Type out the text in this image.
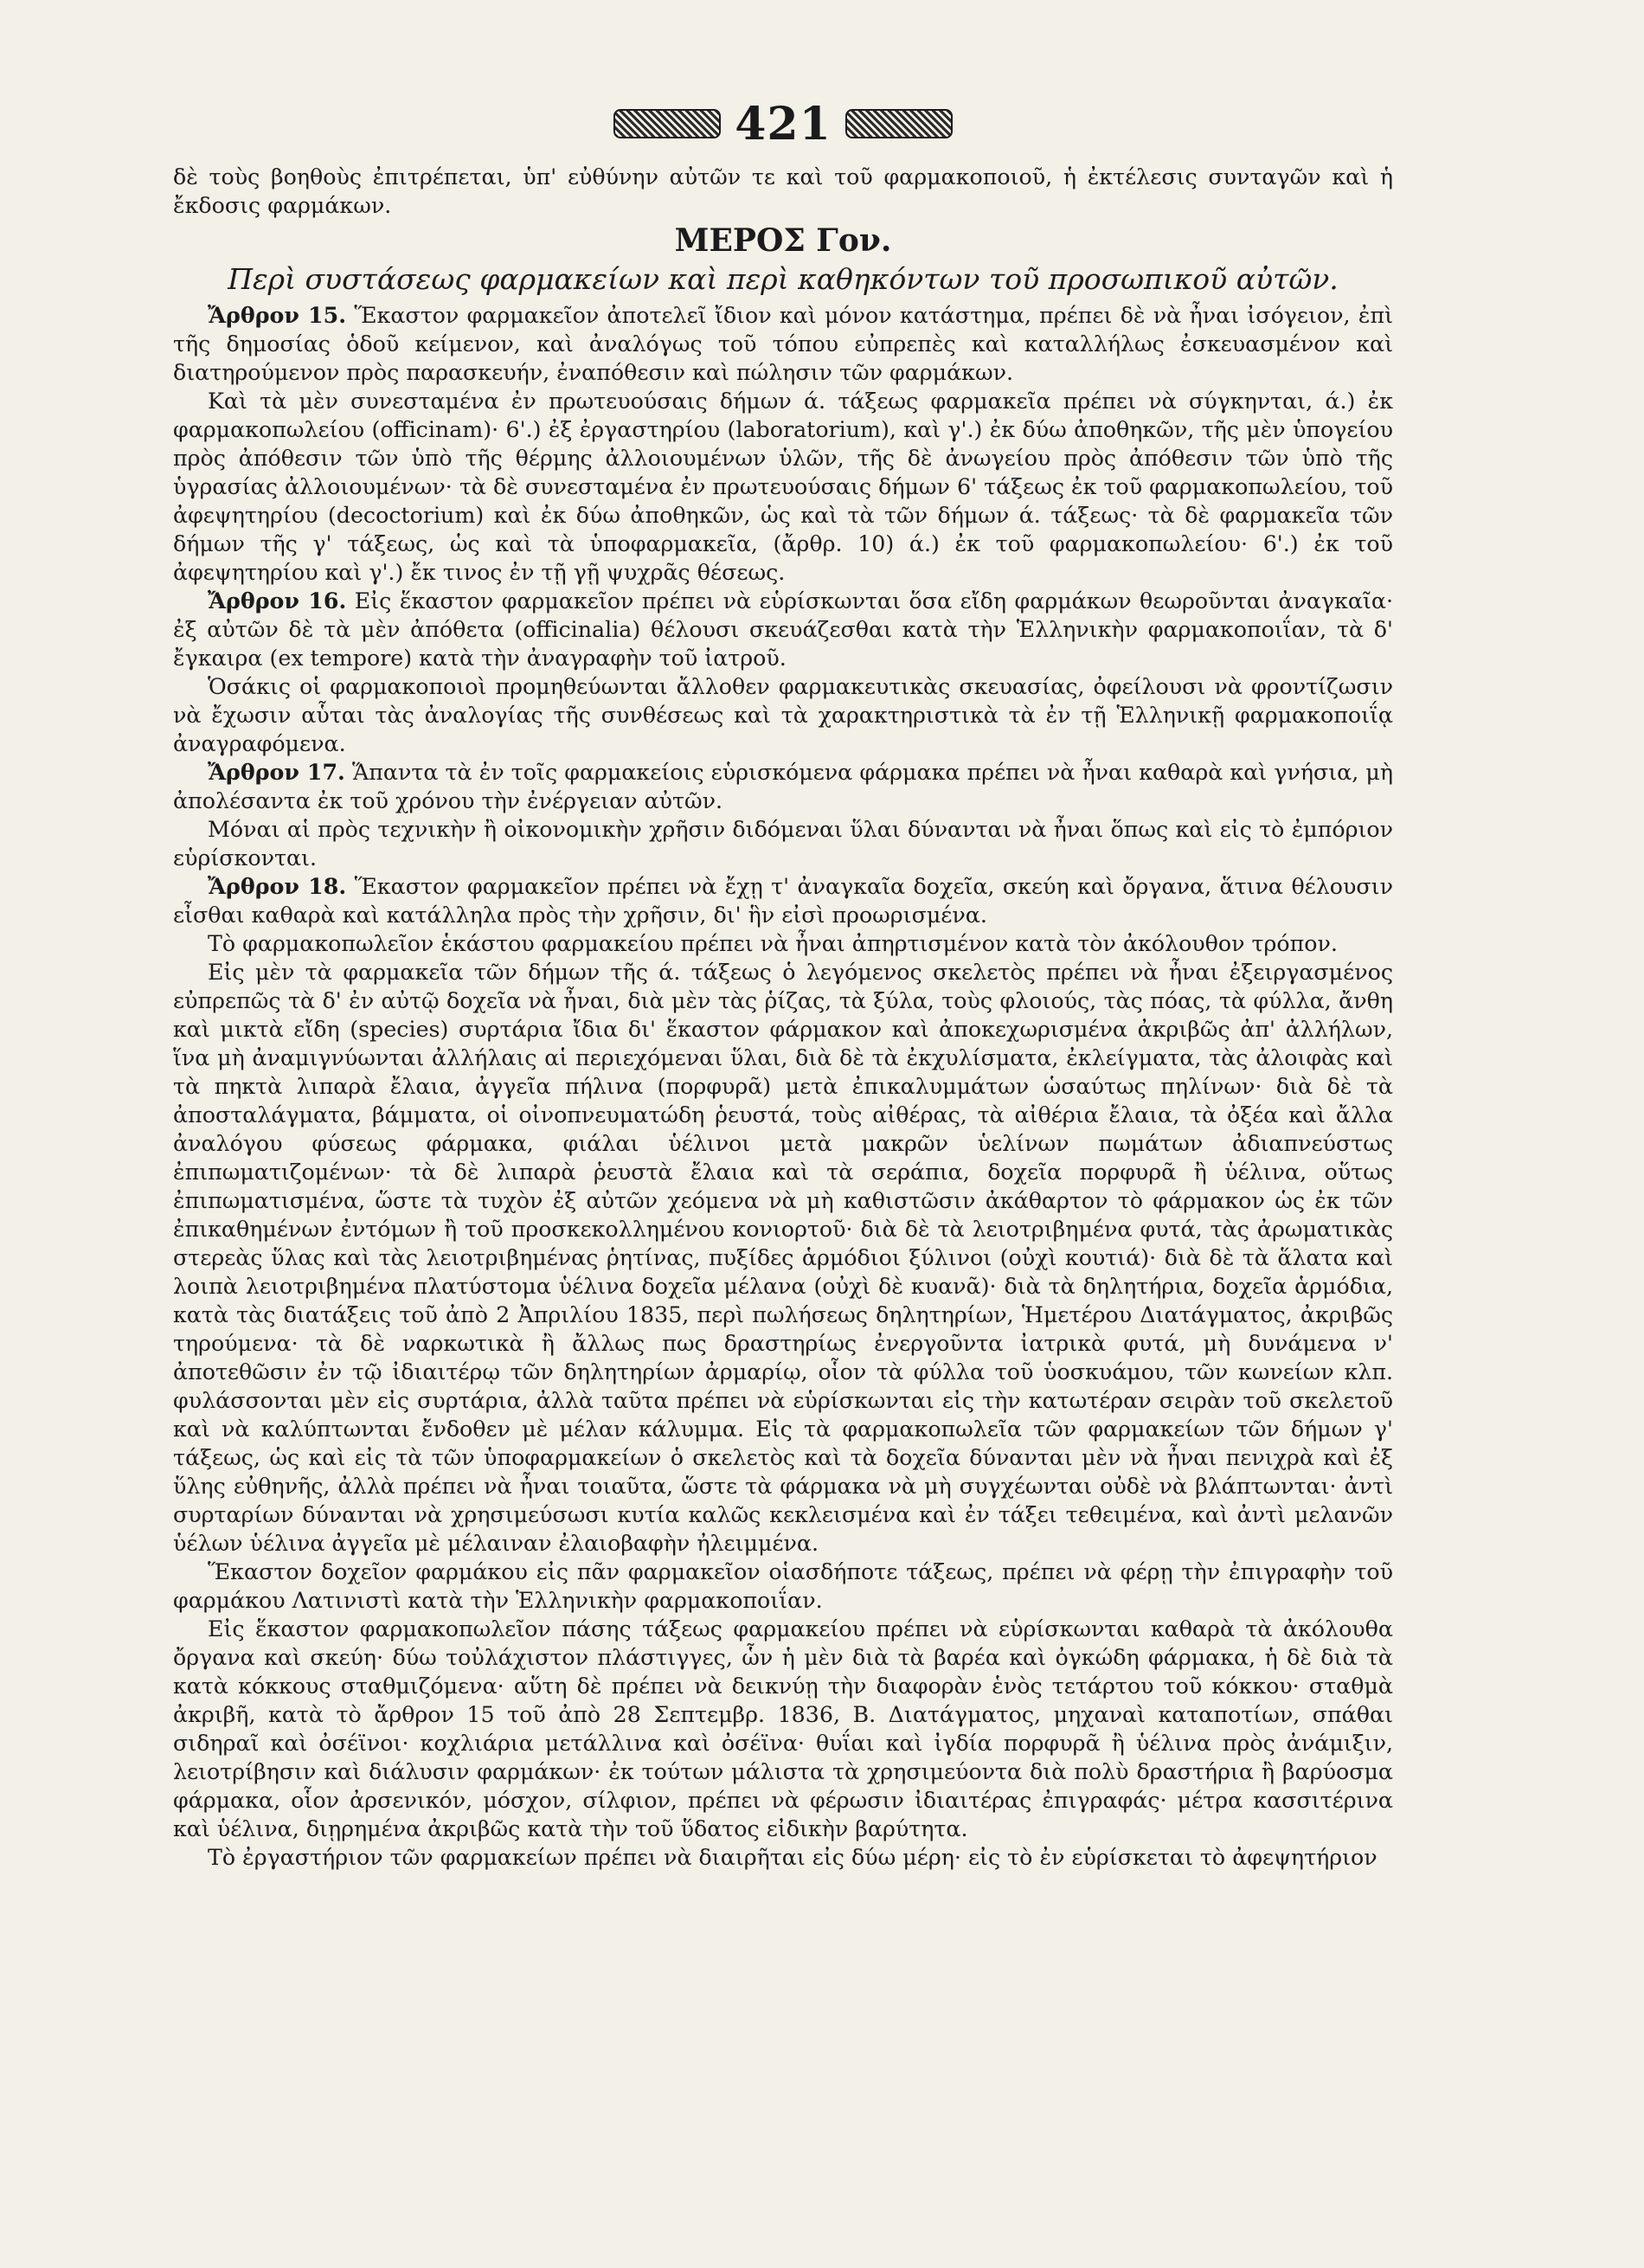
421

δὲ τοὺς βοηθοὺς ἐπιτρέπεται, ὑπ' εὐθύνην αὐτῶν τε καὶ τοῦ φαρμακοποιοῦ, ἡ ἐκτέλεσις συνταγῶν καὶ ἡ ἔκδοσις φαρμάκων.

ΜΕΡΟΣ Γον.
Περὶ συστάσεως φαρμακείων καὶ περὶ καθηκόντων τοῦ προσωπικοῦ αὐτῶν.

Ἄρθρον 15. Ἕκαστον φαρμακεῖον ἀποτελεῖ ἴδιον καὶ μόνον κατάστημα, πρέπει δὲ νὰ ἦναι ἰσόγειον, ἐπὶ τῆς δημοσίας ὁδοῦ κείμενον, καὶ ἀναλόγως τοῦ τόπου εὐπρεπὲς καὶ καταλλήλως ἐσκευασμένον καὶ διατηρούμενον πρὸς παρασκευήν, ἐναπόθεσιν καὶ πώλησιν τῶν φαρμάκων.

Καὶ τὰ μὲν συνεσταμένα ἐν πρωτευούσαις δήμων ά. τάξεως φαρμακεῖα πρέπει νὰ σύγκηνται, ά.) ἐκ φαρμακοπωλείου (officinam)· 6'.) ἐξ ἐργαστηρίου (laboratorium), καὶ γ'.) ἐκ δύω ἀποθηκῶν, τῆς μὲν ὑπογείου πρὸς ἀπόθεσιν τῶν ὑπὸ τῆς θέρμης ἀλλοιουμένων ὑλῶν, τῆς δὲ ἀνωγείου πρὸς ἀπόθεσιν τῶν ὑπὸ τῆς ὑγρασίας ἀλλοιουμένων· τὰ δὲ συνεσταμένα ἐν πρωτευούσαις δήμων 6' τάξεως ἐκ τοῦ φαρμακοπωλείου, τοῦ ἀφεψητηρίου (decoctorium) καὶ ἐκ δύω ἀποθηκῶν, ὡς καὶ τὰ τῶν δήμων ά. τάξεως· τὰ δὲ φαρμακεῖα τῶν δήμων τῆς γ' τάξεως, ὡς καὶ τὰ ὑποφαρμακεῖα, (ἄρθρ. 10) ά.) ἐκ τοῦ φαρμακοπωλείου· 6'.) ἐκ τοῦ ἀφεψητηρίου καὶ γ'.) ἔκ τινος ἐν τῇ γῇ ψυχρᾶς θέσεως.

Ἄρθρον 16. Εἰς ἕκαστον φαρμακεῖον πρέπει νὰ εὑρίσκωνται ὅσα εἴδη φαρμάκων θεωροῦνται ἀναγκαῖα· ἐξ αὐτῶν δὲ τὰ μὲν ἀπόθετα (officinalia) θέλουσι σκευάζεσθαι κατὰ τὴν Ἑλληνικὴν φαρμακοποιΐαν, τὰ δ' ἔγκαιρα (ex tempore) κατὰ τὴν ἀναγραφὴν τοῦ ἰατροῦ.

Ὁσάκις οἱ φαρμακοποιοὶ προμηθεύωνται ἄλλοθεν φαρμακευτικὰς σκευασίας, ὀφείλουσι νὰ φροντίζωσιν νὰ ἔχωσιν αὗται τὰς ἀναλογίας τῆς συνθέσεως καὶ τὰ χαρακτηριστικὰ τὰ ἐν τῇ Ἑλληνικῇ φαρμακοποιΐᾳ ἀναγραφόμενα.

Ἄρθρον 17. Ἅπαντα τὰ ἐν τοῖς φαρμακείοις εὑρισκόμενα φάρμακα πρέπει νὰ ἦναι καθαρὰ καὶ γνήσια, μὴ ἀπολέσαντα ἐκ τοῦ χρόνου τὴν ἐνέργειαν αὐτῶν.

Μόναι αἱ πρὸς τεχνικὴν ἢ οἰκονομικὴν χρῆσιν διδόμεναι ὕλαι δύνανται νὰ ἦναι ὅπως καὶ εἰς τὸ ἐμπόριον εὑρίσκονται.

Ἄρθρον 18. Ἕκαστον φαρμακεῖον πρέπει νὰ ἔχῃ τ' ἀναγκαῖα δοχεῖα, σκεύη καὶ ὄργανα, ἅτινα θέλουσιν εἶσθαι καθαρὰ καὶ κατάλληλα πρὸς τὴν χρῆσιν, δι' ἣν εἰσὶ προωρισμένα.

Τὸ φαρμακοπωλεῖον ἑκάστου φαρμακείου πρέπει νὰ ἦναι ἀπηρτισμένον κατὰ τὸν ἀκόλουθον τρόπον.

Εἰς μὲν τὰ φαρμακεῖα τῶν δήμων τῆς ά. τάξεως ὁ λεγόμενος σκελετὸς πρέπει νὰ ἦναι ἐξειργασμένος εὐπρεπῶς τὰ δ' ἐν αὐτῷ δοχεῖα νὰ ἦναι, διὰ μὲν τὰς ῥίζας, τὰ ξύλα, τοὺς φλοιούς, τὰς πόας, τὰ φύλλα, ἄνθη καὶ μικτὰ εἴδη (species) συρτάρια ἴδια δι' ἕκαστον φάρμακον καὶ ἀποκεχωρισμένα ἀκριβῶς ἀπ' ἀλλήλων, ἵνα μὴ ἀναμιγνύωνται ἀλλήλαις αἱ περιεχόμεναι ὕλαι, διὰ δὲ τὰ ἐκχυλίσματα, ἐκλείγματα, τὰς ἀλοιφὰς καὶ τὰ πηκτὰ λιπαρὰ ἔλαια, ἀγγεῖα πήλινα (πορφυρᾶ) μετὰ ἐπικαλυμμάτων ὡσαύτως πηλίνων· διὰ δὲ τὰ ἀποσταλάγματα, βάμματα, οἱ οἰνοπνευματώδη ῥευστά, τοὺς αἰθέρας, τὰ αἰθέρια ἔλαια, τὰ ὀξέα καὶ ἄλλα ἀναλόγου φύσεως φάρμακα, φιάλαι ὑέλινοι μετὰ μακρῶν ὑελίνων πωμάτων ἀδιαπνεύστως ἐπιπωματιζομένων· τὰ δὲ λιπαρὰ ῥευστὰ ἔλαια καὶ τὰ σεράπια, δοχεῖα πορφυρᾶ ἢ ὑέλινα, οὕτως ἐπιπωματισμένα, ὥστε τὰ τυχὸν ἐξ αὐτῶν χεόμενα νὰ μὴ καθιστῶσιν ἀκάθαρτον τὸ φάρμακον ὡς ἐκ τῶν ἐπικαθημένων ἐντόμων ἢ τοῦ προσκεκολλημένου κονιορτοῦ· διὰ δὲ τὰ λειοτριβημένα φυτά, τὰς ἀρωματικὰς στερεὰς ὕλας καὶ τὰς λειοτριβημένας ῥητίνας, πυξίδες ἁρμόδιοι ξύλινοι (οὐχὶ κουτιά)· διὰ δὲ τὰ ἅλατα καὶ λοιπὰ λειοτριβημένα πλατύστομα ὑέλινα δοχεῖα μέλανα (οὐχὶ δὲ κυανᾶ)· διὰ τὰ δηλητήρια, δοχεῖα ἁρμόδια, κατὰ τὰς διατάξεις τοῦ ἀπὸ 2 Ἀπριλίου 1835, περὶ πωλήσεως δηλητηρίων, Ἡμετέρου Διατάγματος, ἀκριβῶς τηρούμενα· τὰ δὲ ναρκωτικὰ ἢ ἄλλως πως δραστηρίως ἐνεργοῦντα ἰατρικὰ φυτά, μὴ δυνάμενα ν' ἀποτεθῶσιν ἐν τῷ ἰδιαιτέρῳ τῶν δηλητηρίων ἀρμαρίῳ, οἷον τὰ φύλλα τοῦ ὑοσκυάμου, τῶν κωνείων κλπ. φυλάσσονται μὲν εἰς συρτάρια, ἀλλὰ ταῦτα πρέπει νὰ εὑρίσκωνται εἰς τὴν κατωτέραν σειρὰν τοῦ σκελετοῦ καὶ νὰ καλύπτωνται ἔνδοθεν μὲ μέλαν κάλυμμα. Εἰς τὰ φαρμακοπωλεῖα τῶν φαρμακείων τῶν δήμων γ' τάξεως, ὡς καὶ εἰς τὰ τῶν ὑποφαρμακείων ὁ σκελετὸς καὶ τὰ δοχεῖα δύνανται μὲν νὰ ἦναι πενιχρὰ καὶ ἐξ ὕλης εὐθηνῆς, ἀλλὰ πρέπει νὰ ἦναι τοιαῦτα, ὥστε τὰ φάρμακα νὰ μὴ συγχέωνται οὐδὲ νὰ βλάπτωνται· ἀντὶ συρταρίων δύνανται νὰ χρησιμεύσωσι κυτία καλῶς κεκλεισμένα καὶ ἐν τάξει τεθειμένα, καὶ ἀντὶ μελανῶν ὑέλων ὑέλινα ἀγγεῖα μὲ μέλαιναν ἐλαιοβαφὴν ἠλειμμένα.

Ἕκαστον δοχεῖον φαρμάκου εἰς πᾶν φαρμακεῖον οἱασδήποτε τάξεως, πρέπει νὰ φέρῃ τὴν ἐπιγραφὴν τοῦ φαρμάκου Λατινιστὶ κατὰ τὴν Ἑλληνικὴν φαρμακοποιΐαν.

Εἰς ἕκαστον φαρμακοπωλεῖον πάσης τάξεως φαρμακείου πρέπει νὰ εὑρίσκωνται καθαρὰ τὰ ἀκόλουθα ὄργανα καὶ σκεύη· δύω τοὐλάχιστον πλάστιγγες, ὧν ἡ μὲν διὰ τὰ βαρέα καὶ ὀγκώδη φάρμακα, ἡ δὲ διὰ τὰ κατὰ κόκκους σταθμιζόμενα· αὕτη δὲ πρέπει νὰ δεικνύῃ τὴν διαφορὰν ἑνὸς τετάρτου τοῦ κόκκου· σταθμὰ ἀκριβῆ, κατὰ τὸ ἄρθρον 15 τοῦ ἀπὸ 28 Σεπτεμβρ. 1836, Β. Διατάγματος, μηχαναὶ καταποτίων, σπάθαι σιδηραῖ καὶ ὀσέϊνοι· κοχλιάρια μετάλλινα καὶ ὀσέϊνα· θυΐαι καὶ ἰγδία πορφυρᾶ ἢ ὑέλινα πρὸς ἀνάμιξιν, λειοτρίβησιν καὶ διάλυσιν φαρμάκων· ἐκ τούτων μάλιστα τὰ χρησιμεύοντα διὰ πολὺ δραστήρια ἢ βαρύοσμα φάρμακα, οἷον ἀρσενικόν, μόσχον, σίλφιον, πρέπει νὰ φέρωσιν ἰδιαιτέρας ἐπιγραφάς· μέτρα κασσιτέρινα καὶ ὑέλινα, διῃρημένα ἀκριβῶς κατὰ τὴν τοῦ ὕδατος εἰδικὴν βαρύτητα.

Τὸ ἐργαστήριον τῶν φαρμακείων πρέπει νὰ διαιρῆται εἰς δύω μέρη· εἰς τὸ ἐν εὑρίσκεται τὸ ἀφεψητήριον
